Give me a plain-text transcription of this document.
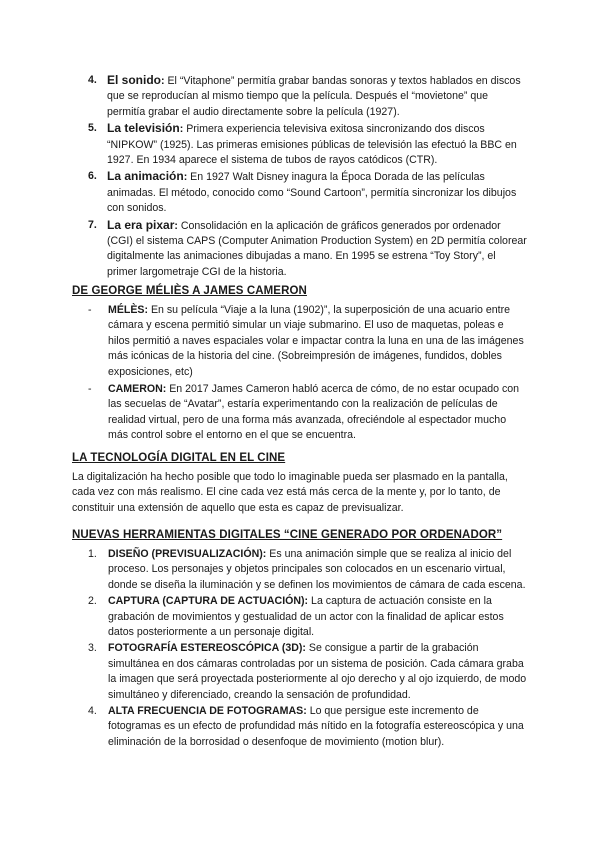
4. El sonido: El “Vitaphone” permitía grabar bandas sonoras y textos hablados en discos que se reproducían al mismo tiempo que la película. Después el “movietone” que permitía grabar el audio directamente sobre la película (1927).
5. La televisión: Primera experiencia televisiva exitosa sincronizando dos discos “NIPKOW” (1925). Las primeras emisiones públicas de televisión las efectuó la BBC en 1927. En 1934 aparece el sistema de tubos de rayos catódicos (CTR).
6. La animación: En 1927 Walt Disney inagura la Época Dorada de las películas animadas. El método, conocido como “Sound Cartoon”, permitía sincronizar los dibujos con sonidos.
7. La era pixar: Consolidación en la aplicación de gráficos generados por ordenador (CGI) el sistema CAPS (Computer Animation Production System) en 2D permitía colorear digitalmente las animaciones dibujadas a mano. En 1995 se estrena “Toy Story”, el primer largometraje CGI de la historia.
DE GEORGE MÉLIÈS A JAMES CAMERON
- MÉLÈS: En su película “Viaje a la luna (1902)”, la superposición de una acuario entre cámara y escena permitió simular un viaje submarino. El uso de maquetas, poleas e hilos permitió a naves espaciales volar e impactar contra la luna en una de las imágenes más icónicas de la historia del cine. (Sobreimpresión de imágenes, fundidos, dobles exposiciones, etc)
- CAMERON: En 2017 James Cameron habló acerca de cómo, de no estar ocupado con las secuelas de “Avatar”, estaría experimentando con la realización de películas de realidad virtual, pero de una forma más avanzada, ofreciéndole al espectador mucho más control sobre el entorno en el que se encuentra.
LA TECNOLOGÍA DIGITAL EN EL CINE

La digitalización ha hecho posible que todo lo imaginable pueda ser plasmado en la pantalla, cada vez con más realismo. El cine cada vez está más cerca de la mente y, por lo tanto, de constituir una extensión de aquello que esta es capaz de previsualizar.

NUEVAS HERRAMIENTAS DIGITALES “CINE GENERADO POR ORDENADOR”
1. DISEÑO (PREVISUALIZACIÓN): Es una animación simple que se realiza al inicio del proceso. Los personajes y objetos principales son colocados en un escenario virtual, donde se diseña la iluminación y se definen los movimientos de cámara de cada escena.
2. CAPTURA (CAPTURA DE ACTUACIÓN): La captura de actuación consiste en la grabación de movimientos y gestualidad de un actor con la finalidad de aplicar estos datos posteriormente a un personaje digital.
3. FOTOGRAFÍA ESTEREOSCÓPICA (3D): Se consigue a partir de la grabación simultánea en dos cámaras controladas por un sistema de posición. Cada cámara graba la imagen que será proyectada posteriormente al ojo derecho y al ojo izquierdo, de modo simultáneo y diferenciado, creando la sensación de profundidad.
4. ALTA FRECUENCIA DE FOTOGRAMAS: Lo que persigue este incremento de fotogramas es un efecto de profundidad más nítido en la fotografía estereoscópica y una eliminación de la borrosidad o desenfoque de movimiento (motion blur).
